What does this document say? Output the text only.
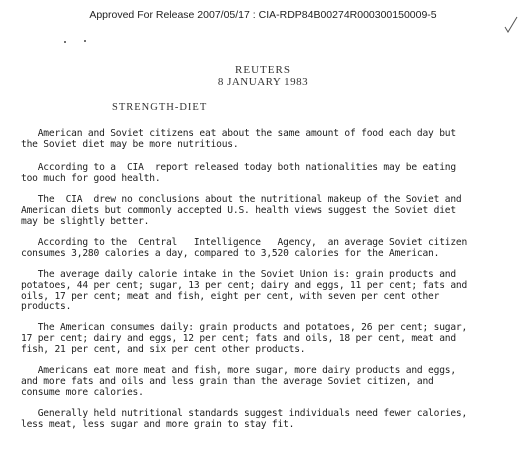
Approved For Release 2007/05/17 : CIA-RDP84B00274R000300150009-5
REUTERS
8 JANUARY 1983
STRENGTH-DIET

American and Soviet citizens eat about the same amount of food each day but

the Soviet diet may be more nutritious.

According to a  CIA  report released today both nationalities may be eating

too much for good health.

The  CIA  drew no conclusions about the nutritional makeup of the Soviet and

American diets but commonly accepted U.S. health views suggest the Soviet diet

may be slightly better.

According to the  Central   Intelligence   Agency,  an average Soviet citizen

consumes 3,280 calories a day, compared to 3,520 calories for the American.

The average daily calorie intake in the Soviet Union is: grain products and

potatoes, 44 per cent; sugar, 13 per cent; dairy and eggs, 11 per cent; fats and

oils, 17 per cent; meat and fish, eight per cent, with seven per cent other

products.

The American consumes daily: grain products and potatoes, 26 per cent; sugar,

17 per cent; dairy and eggs, 12 per cent; fats and oils, 18 per cent, meat and

fish, 21 per cent, and six per cent other products.

Americans eat more meat and fish, more sugar, more dairy products and eggs,

and more fats and oils and less grain than the average Soviet citizen, and

consume more calories.

Generally held nutritional standards suggest individuals need fewer calories,

less meat, less sugar and more grain to stay fit.
